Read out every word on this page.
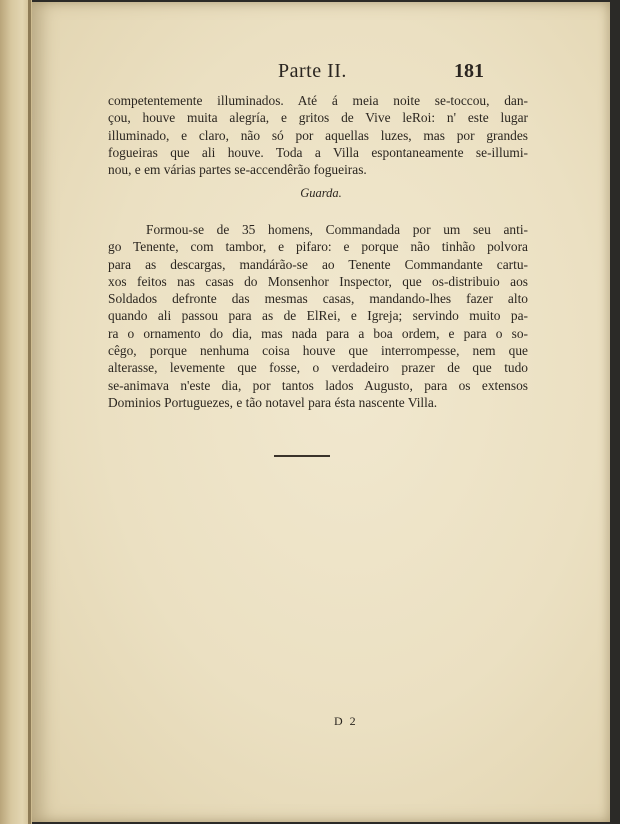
Parte II.	181
competentemente illuminados. Até á meia noite se-toccou, dan-
çou, houve muita alegría, e gritos de Vive leRoi: n' este lugar
illuminado, e claro, não só por aquellas luzes, mas por grandes
fogueiras que ali houve. Toda a Villa espontaneamente se-illumi-
nou, e em várias partes se-accendêrão fogueiras.
Guarda.
Formou-se de 35 homens, Commandada por um seu anti-
go Tenente, com tambor, e pifaro: e porque não tinhão polvora
para as descargas, mandárão-se ao Tenente Commandante cartu-
xos feitos nas casas do Monsenhor Inspector, que os-distribuio aos
Soldados defronte das mesmas casas, mandando-lhes fazer alto
quando ali passou para as de ElRei, e Igreja; servindo muito pa-
ra o ornamento do dia, mas nada para a boa ordem, e para o so-
cêgo, porque nenhuma coisa houve que interrompesse, nem que
alterasse, levemente que fosse, o verdadeiro prazer de que tudo
se-animava n'este dia, por tantos lados Augusto, para os extensos
Dominios Portuguezes, e tão notavel para ésta nascente Villa.
D 2
